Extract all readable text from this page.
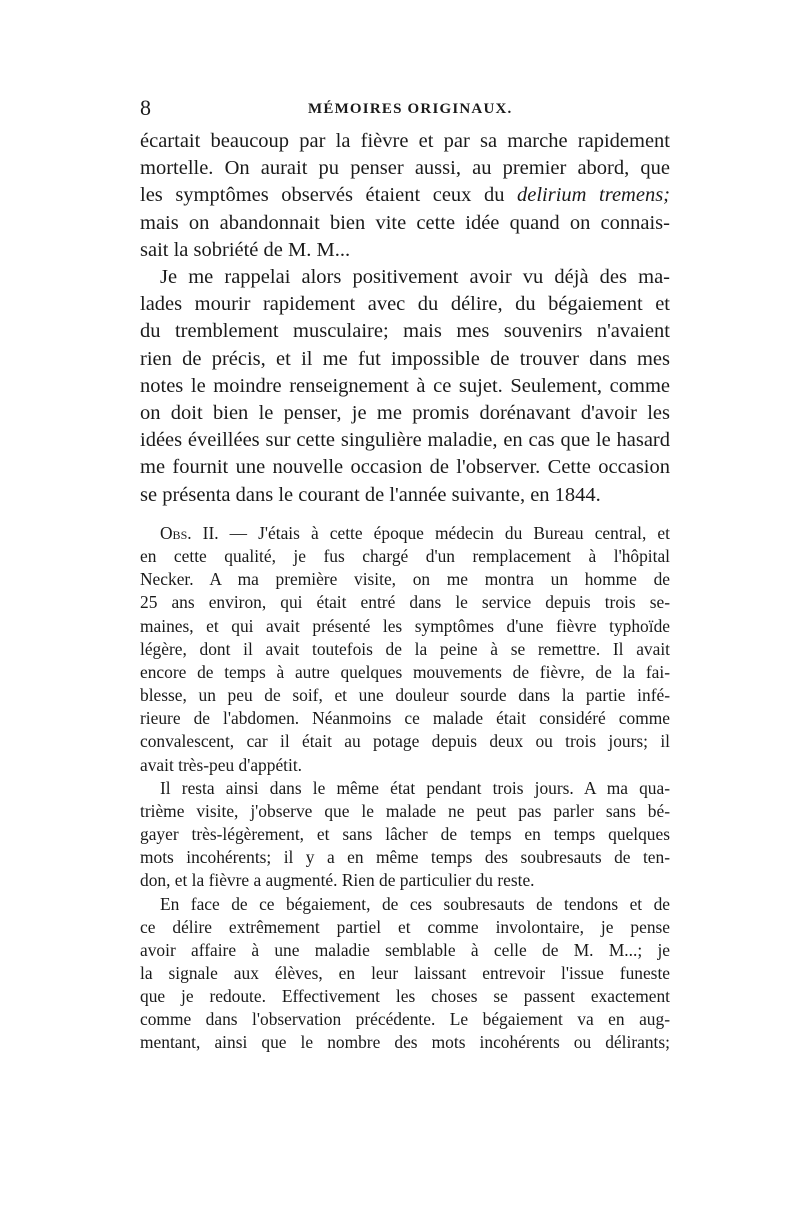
8	MÉMOIRES ORIGINAUX.
écartait beaucoup par la fièvre et par sa marche rapidement
mortelle. On aurait pu penser aussi, au premier abord, que
les symptômes observés étaient ceux du delirium tremens;
mais on abandonnait bien vite cette idée quand on connais-
sait la sobriété de M. M...
Je me rappelai alors positivement avoir vu déjà des ma-
lades mourir rapidement avec du délire, du bégaiement et
du tremblement musculaire; mais mes souvenirs n'avaient
rien de précis, et il me fut impossible de trouver dans mes
notes le moindre renseignement à ce sujet. Seulement, comme
on doit bien le penser, je me promis dorénavant d'avoir les
idées éveillées sur cette singulière maladie, en cas que le hasard
me fournit une nouvelle occasion de l'observer. Cette occasion
se présenta dans le courant de l'année suivante, en 1844.
Obs. II. — J'étais à cette époque médecin du Bureau central, et
en cette qualité, je fus chargé d'un remplacement à l'hôpital
Necker. A ma première visite, on me montra un homme de
25 ans environ, qui était entré dans le service depuis trois se-
maines, et qui avait présenté les symptômes d'une fièvre typhoïde
légère, dont il avait toutefois de la peine à se remettre. Il avait
encore de temps à autre quelques mouvements de fièvre, de la fai-
blesse, un peu de soif, et une douleur sourde dans la partie infé-
rieure de l'abdomen. Néanmoins ce malade était considéré comme
convalescent, car il était au potage depuis deux ou trois jours; il
avait très-peu d'appétit.
Il resta ainsi dans le même état pendant trois jours. A ma qua-
trième visite, j'observe que le malade ne peut pas parler sans bé-
gayer très-légèrement, et sans lâcher de temps en temps quelques
mots incohérents; il y a en même temps des soubresauts de ten-
don, et la fièvre a augmenté. Rien de particulier du reste.
En face de ce bégaiement, de ces soubresauts de tendons et de
ce délire extrêmement partiel et comme involontaire, je pense
avoir affaire à une maladie semblable à celle de M. M...; je
la signale aux élèves, en leur laissant entrevoir l'issue funeste
que je redoute. Effectivement les choses se passent exactement
comme dans l'observation précédente. Le bégaiement va en aug-
mentant, ainsi que le nombre des mots incohérents ou délirants;
